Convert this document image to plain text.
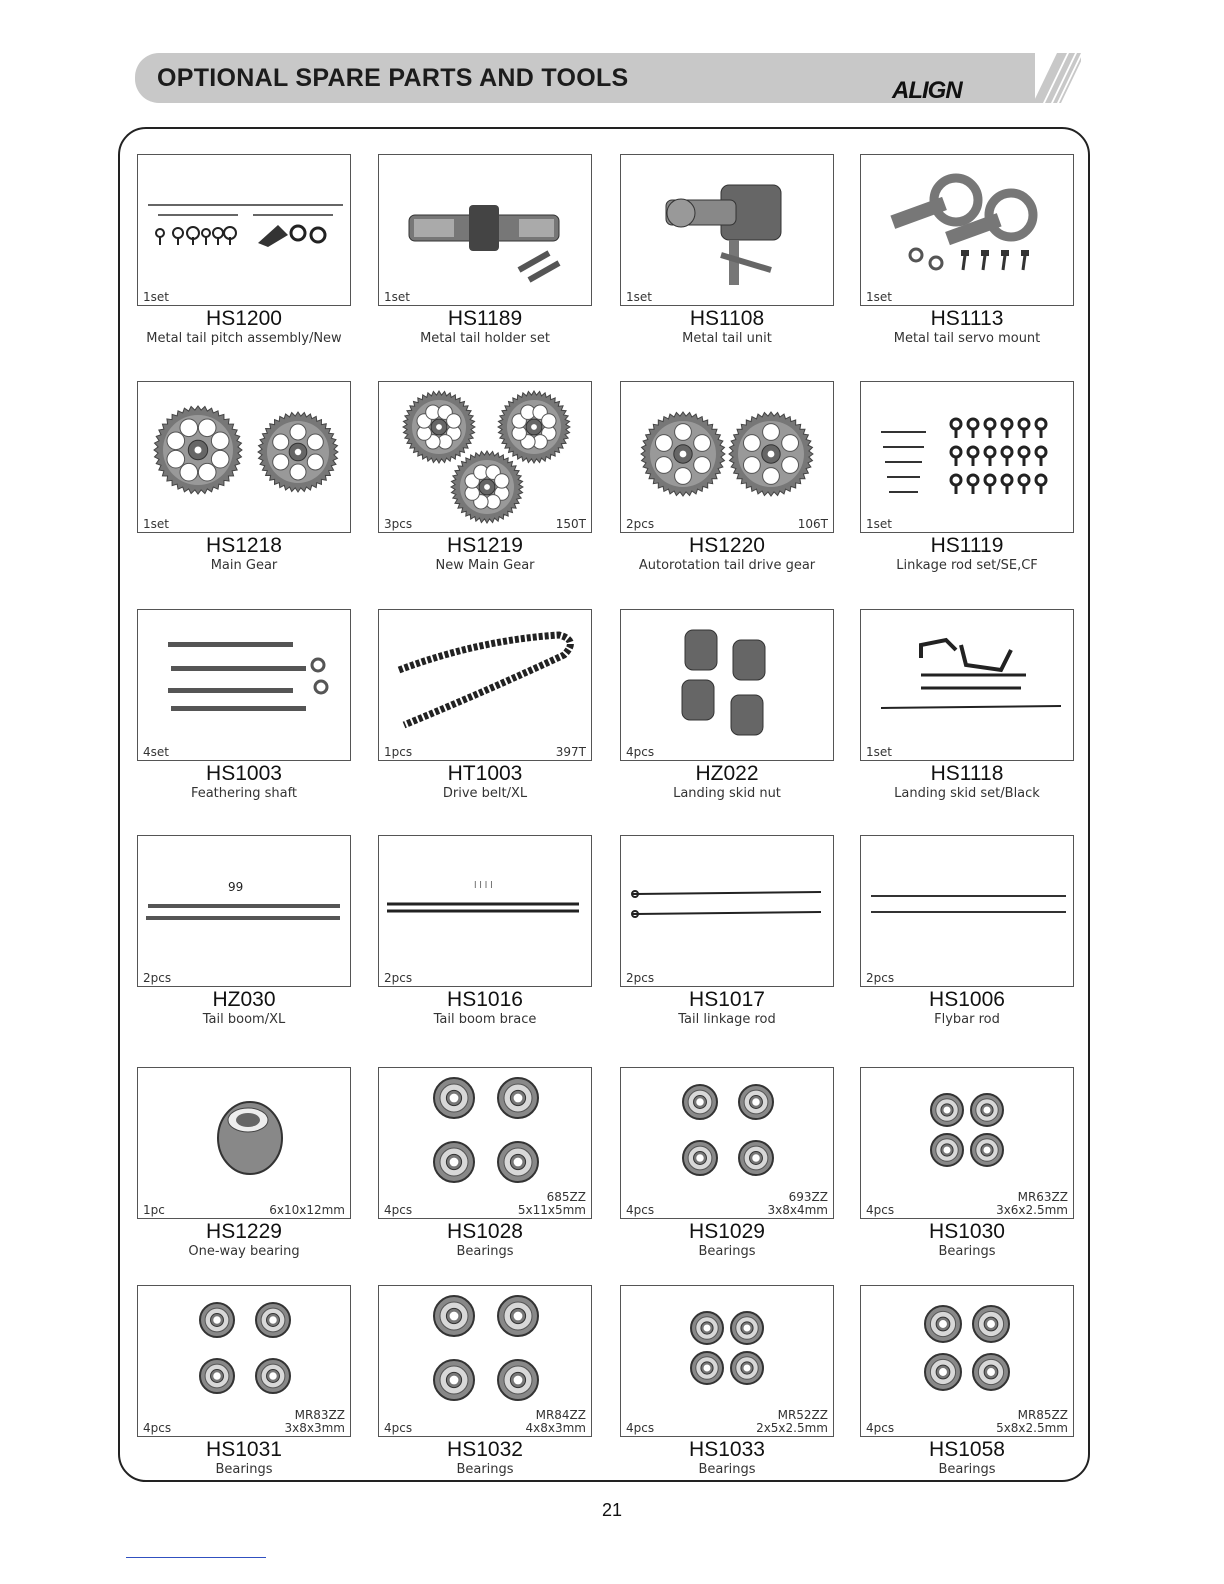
OPTIONAL SPARE PARTS AND TOOLS	ALIGN
1set
HS1200
Metal tail pitch assembly/New
1set
HS1189
Metal tail holder set
1set
HS1108
Metal tail unit
1set
HS1113
Metal tail servo mount
1set
HS1218
Main Gear
3pcs	150T
HS1219
New Main Gear
2pcs	106T
HS1220
Autorotation tail drive gear
1set
HS1119
Linkage rod set/SE,CF
4set
HS1003
Feathering shaft
1pcs	397T
HT1003
Drive belt/XL
4pcs
HZ022
Landing skid nut
1set
HS1118
Landing skid set/Black
99
2pcs
HZ030
Tail boom/XL
l l l l
2pcs
HS1016
Tail boom brace
2pcs
HS1017
Tail linkage rod
2pcs
HS1006
Flybar rod
1pc	6x10x12mm
HS1229
One-way bearing
4pcs
685ZZ
5x11x5mm
HS1028
Bearings
4pcs
693ZZ
3x8x4mm
HS1029
Bearings
4pcs
MR63ZZ
3x6x2.5mm
HS1030
Bearings
4pcs
MR83ZZ
3x8x3mm
HS1031
Bearings
4pcs
MR84ZZ
4x8x3mm
HS1032
Bearings
4pcs
MR52ZZ
2x5x2.5mm
HS1033
Bearings
4pcs
MR85ZZ
5x8x2.5mm
HS1058
Bearings
21
